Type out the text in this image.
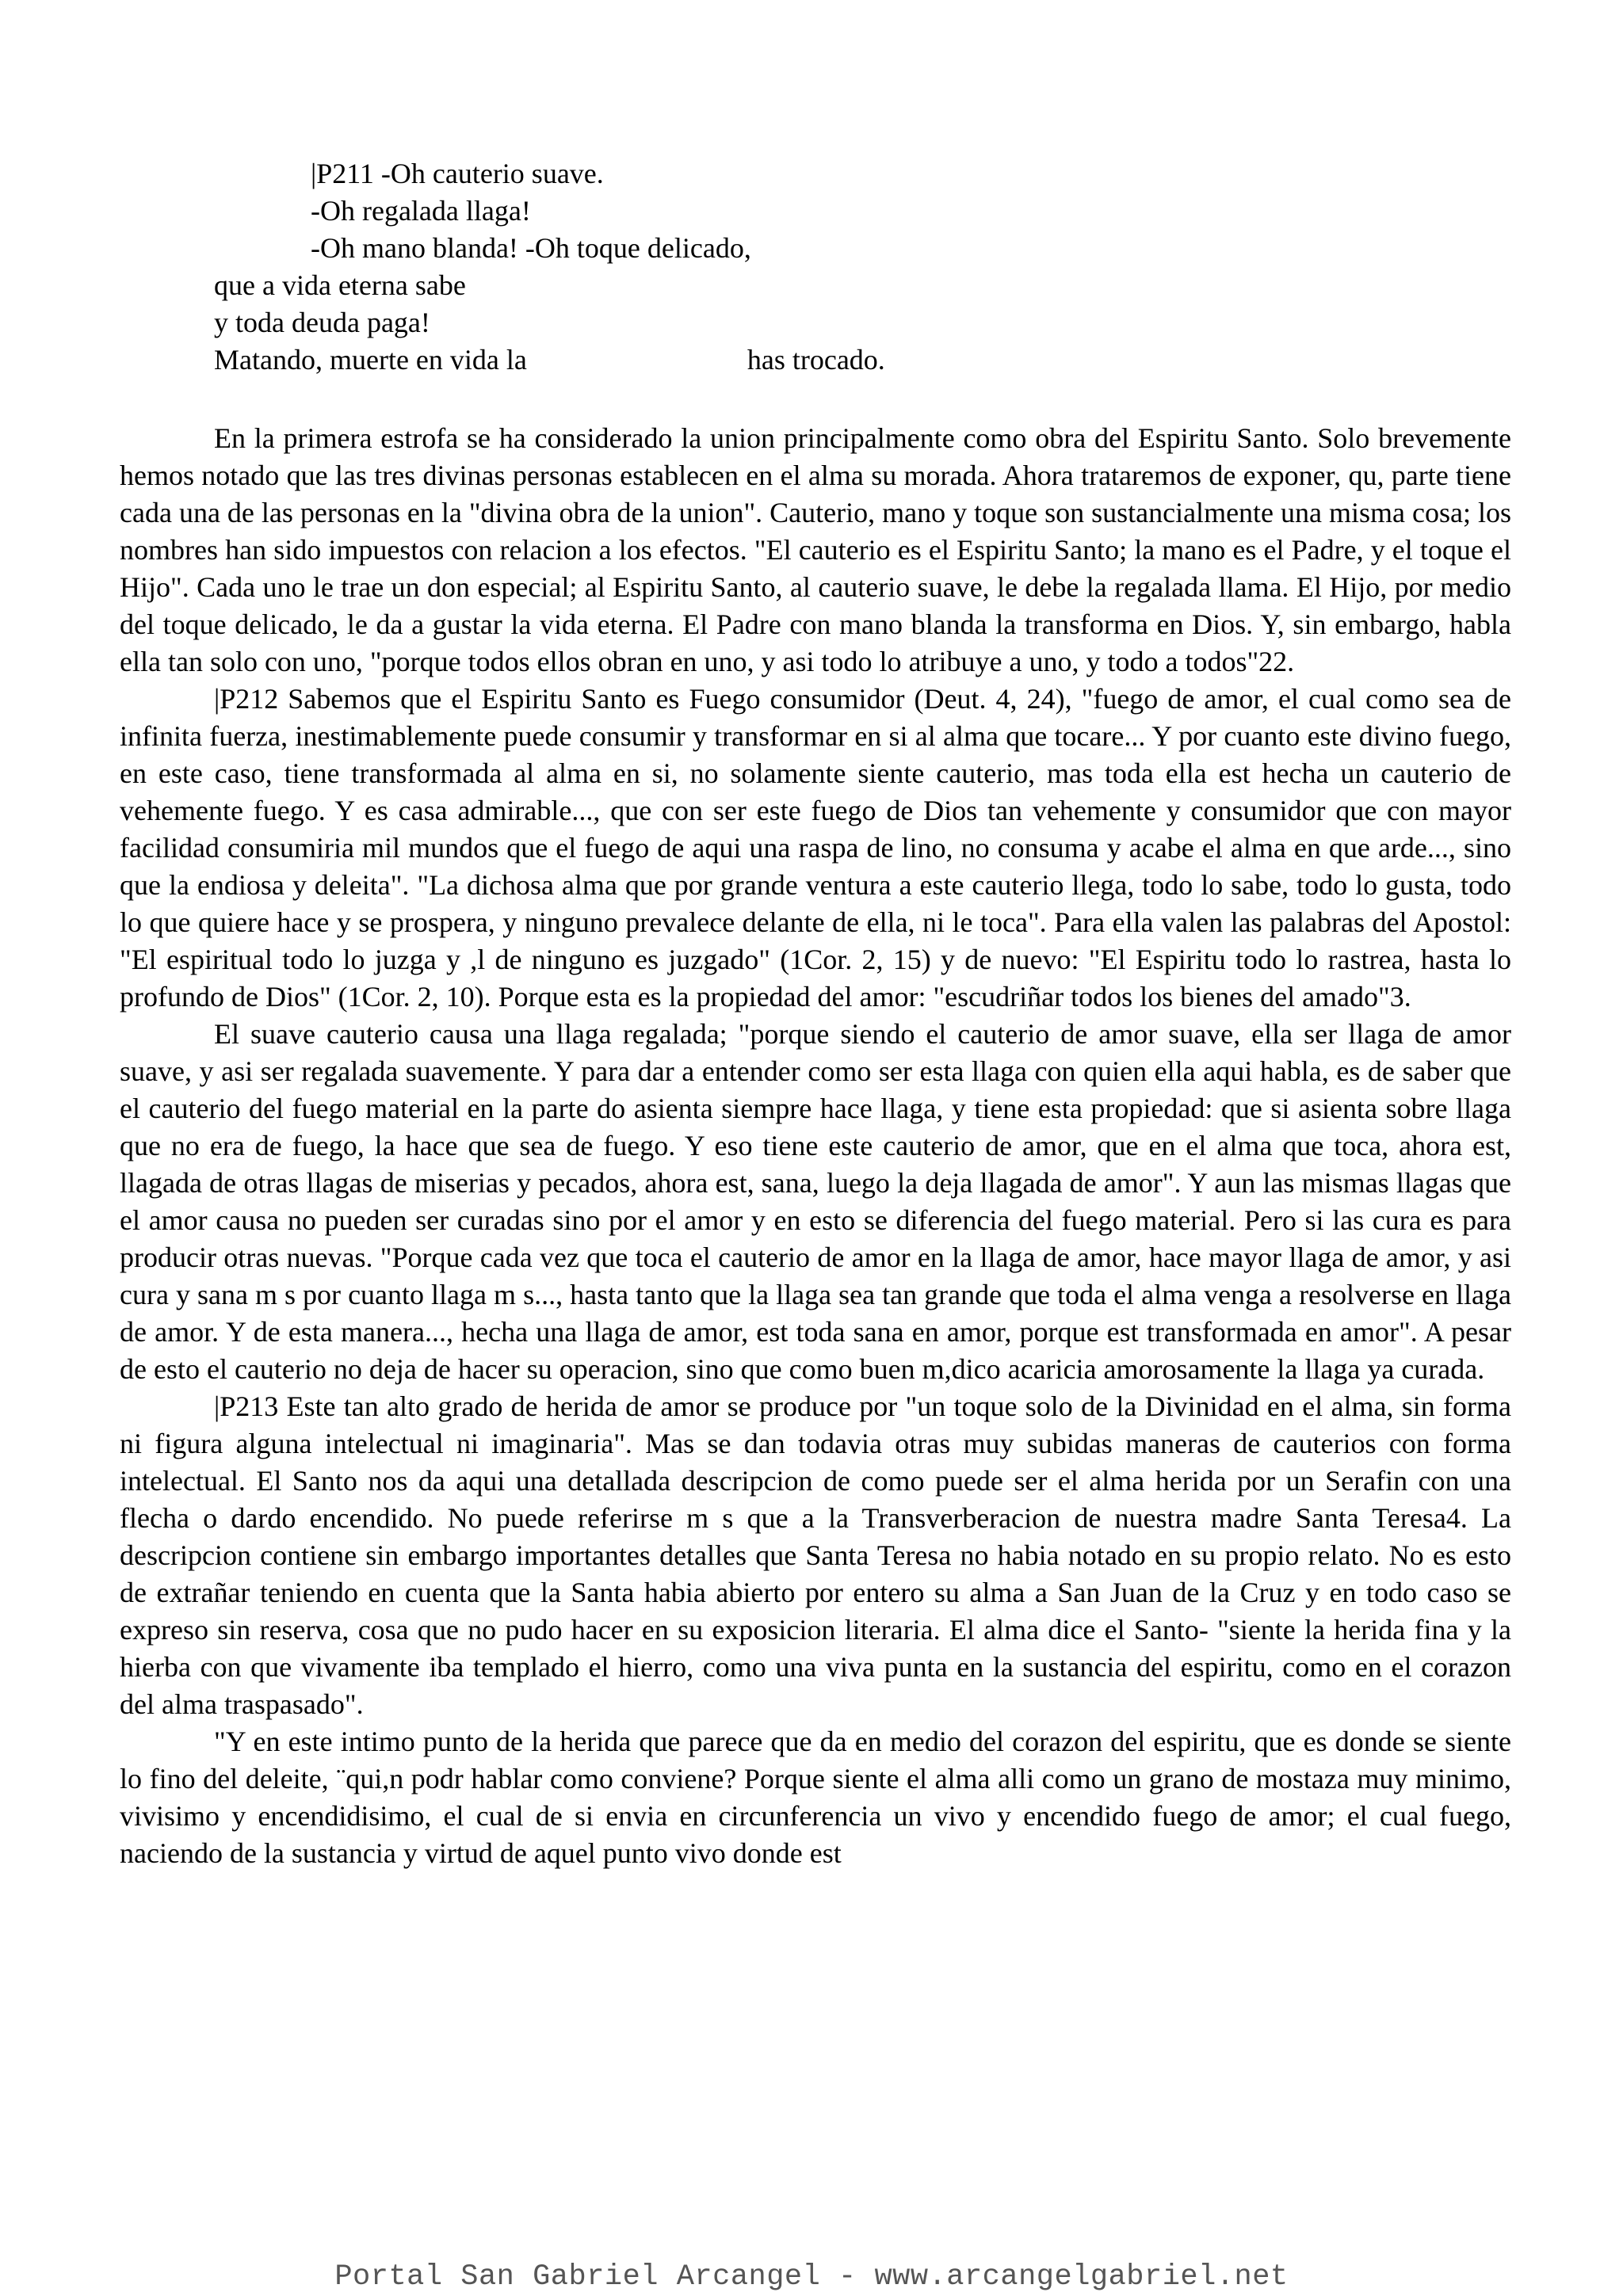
|P211 -Oh cauterio suave.
-Oh regalada llaga!
-Oh mano blanda! -Oh toque delicado,
que a vida eterna sabe
y toda deuda paga!
Matando, muerte en vida la	has trocado.

En la primera estrofa se ha considerado la union principalmente como obra del Espiritu Santo. Solo brevemente hemos notado que las tres divinas personas establecen en el alma su morada. Ahora trataremos de exponer, qu, parte tiene cada una de las personas en la "divina obra de la union". Cauterio, mano y toque son sustancialmente una misma cosa; los nombres han sido impuestos con relacion a los efectos. "El cauterio es el Espiritu Santo; la mano es el Padre, y el toque el Hijo". Cada uno le trae un don especial; al Espiritu Santo, al cauterio suave, le debe la regalada llama. El Hijo, por medio del toque delicado, le da a gustar la vida eterna. El Padre con mano blanda la transforma en Dios. Y, sin embargo, habla ella tan solo con uno, "porque todos ellos obran en uno, y asi todo lo atribuye a uno, y todo a todos"22.

|P212 Sabemos que el Espiritu Santo es Fuego consumidor (Deut. 4, 24), "fuego de amor, el cual como sea de infinita fuerza, inestimablemente puede consumir y transformar en si al alma que tocare... Y por cuanto este divino fuego, en este caso, tiene transformada al alma en si, no solamente siente cauterio, mas toda ella est hecha un cauterio de vehemente fuego. Y es casa admirable..., que con ser este fuego de Dios tan vehemente y consumidor que con mayor facilidad consumiria mil mundos que el fuego de aqui una raspa de lino, no consuma y acabe el alma en que arde..., sino que la endiosa y deleita". "La dichosa alma que por grande ventura a este cauterio llega, todo lo sabe, todo lo gusta, todo lo que quiere hace y se prospera, y ninguno prevalece delante de ella, ni le toca". Para ella valen las palabras del Apostol: "El espiritual todo lo juzga y ,l de ninguno es juzgado" (1Cor. 2, 15) y de nuevo: "El Espiritu todo lo rastrea, hasta lo profundo de Dios" (1Cor. 2, 10). Porque esta es la propiedad del amor: "escudriñar todos los bienes del amado"3.

El suave cauterio causa una llaga regalada; "porque siendo el cauterio de amor suave, ella ser llaga de amor suave, y asi ser regalada suavemente. Y para dar a entender como ser esta llaga con quien ella aqui habla, es de saber que el cauterio del fuego material en la parte do asienta siempre hace llaga, y tiene esta propiedad: que si asienta sobre llaga que no era de fuego, la hace que sea de fuego. Y eso tiene este cauterio de amor, que en el alma que toca, ahora est, llagada de otras llagas de miserias y pecados, ahora est, sana, luego la deja llagada de amor". Y aun las mismas llagas que el amor causa no pueden ser curadas sino por el amor y en esto se diferencia del fuego material. Pero si las cura es para producir otras nuevas. "Porque cada vez que toca el cauterio de amor en la llaga de amor, hace mayor llaga de amor, y asi cura y sana m s por cuanto llaga m s..., hasta tanto que la llaga sea tan grande que toda el alma venga a resolverse en llaga de amor. Y de esta manera..., hecha una llaga de amor, est toda sana en amor, porque est transformada en amor". A pesar de esto el cauterio no deja de hacer su operacion, sino que como buen m,dico acaricia amorosamente la llaga ya curada.

|P213 Este tan alto grado de herida de amor se produce por "un toque solo de la Divinidad en el alma, sin forma ni figura alguna intelectual ni imaginaria". Mas se dan todavia otras muy subidas maneras de cauterios con forma intelectual. El Santo nos da aqui una detallada descripcion de como puede ser el alma herida por un Serafin con una flecha o dardo encendido. No puede referirse m s que a la Transverberacion de nuestra madre Santa Teresa4. La descripcion contiene sin embargo importantes detalles que Santa Teresa no habia notado en su propio relato. No es esto de extrañar teniendo en cuenta que la Santa habia abierto por entero su alma a San Juan de la Cruz y en todo caso se expreso sin reserva, cosa que no pudo hacer en su exposicion literaria. El alma dice el Santo- "siente la herida fina y la hierba con que vivamente iba templado el hierro, como una viva punta en la sustancia del espiritu, como en el corazon del alma traspasado".

"Y en este intimo punto de la herida que parece que da en medio del corazon del espiritu, que es donde se siente lo fino del deleite, ¨qui,n podr hablar como conviene? Porque siente el alma alli como un grano de mostaza muy minimo, vivisimo y encendidisimo, el cual de si envia en circunferencia un vivo y encendido fuego de amor; el cual fuego, naciendo de la sustancia y virtud de aquel punto vivo donde est

Portal San Gabriel Arcangel - www.arcangelgabriel.net
